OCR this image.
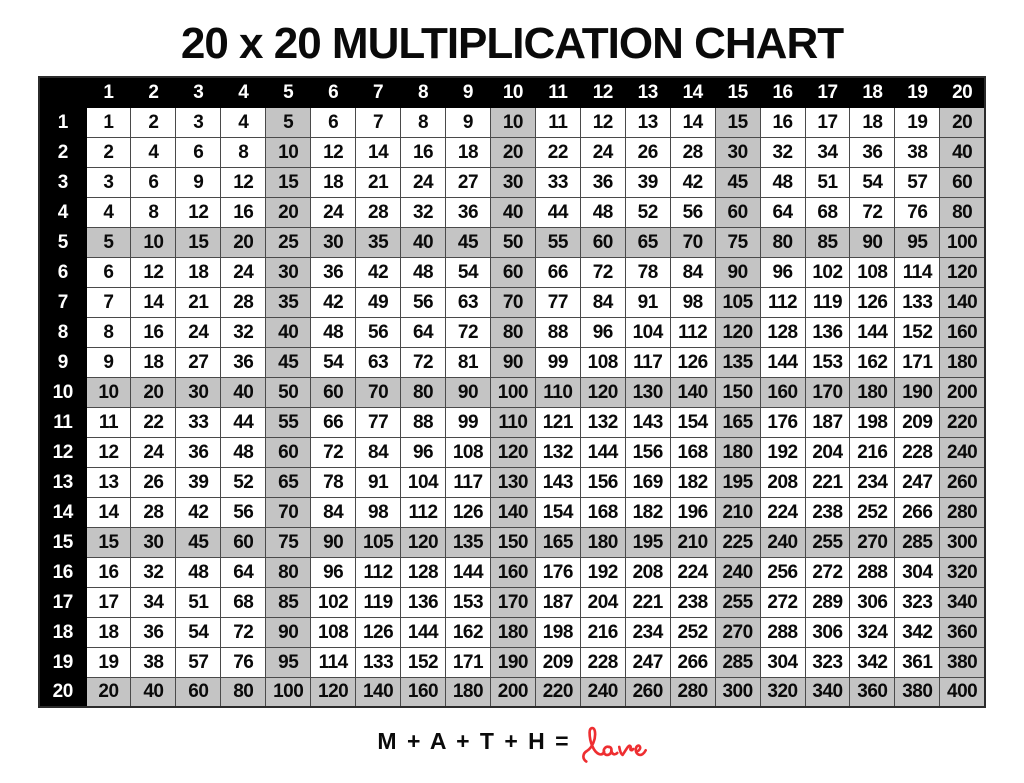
20 x 20 MULTIPLICATION CHART
	1	2	3	4	5	6	7	8	9	10	11	12	13	14	15	16	17	18	19	20
1	1	2	3	4	5	6	7	8	9	10	11	12	13	14	15	16	17	18	19	20
2	2	4	6	8	10	12	14	16	18	20	22	24	26	28	30	32	34	36	38	40
3	3	6	9	12	15	18	21	24	27	30	33	36	39	42	45	48	51	54	57	60
4	4	8	12	16	20	24	28	32	36	40	44	48	52	56	60	64	68	72	76	80
5	5	10	15	20	25	30	35	40	45	50	55	60	65	70	75	80	85	90	95	100
6	6	12	18	24	30	36	42	48	54	60	66	72	78	84	90	96	102	108	114	120
7	7	14	21	28	35	42	49	56	63	70	77	84	91	98	105	112	119	126	133	140
8	8	16	24	32	40	48	56	64	72	80	88	96	104	112	120	128	136	144	152	160
9	9	18	27	36	45	54	63	72	81	90	99	108	117	126	135	144	153	162	171	180
10	10	20	30	40	50	60	70	80	90	100	110	120	130	140	150	160	170	180	190	200
11	11	22	33	44	55	66	77	88	99	110	121	132	143	154	165	176	187	198	209	220
12	12	24	36	48	60	72	84	96	108	120	132	144	156	168	180	192	204	216	228	240
13	13	26	39	52	65	78	91	104	117	130	143	156	169	182	195	208	221	234	247	260
14	14	28	42	56	70	84	98	112	126	140	154	168	182	196	210	224	238	252	266	280
15	15	30	45	60	75	90	105	120	135	150	165	180	195	210	225	240	255	270	285	300
16	16	32	48	64	80	96	112	128	144	160	176	192	208	224	240	256	272	288	304	320
17	17	34	51	68	85	102	119	136	153	170	187	204	221	238	255	272	289	306	323	340
18	18	36	54	72	90	108	126	144	162	180	198	216	234	252	270	288	306	324	342	360
19	19	38	57	76	95	114	133	152	171	190	209	228	247	266	285	304	323	342	361	380
20	20	40	60	80	100	120	140	160	180	200	220	240	260	280	300	320	340	360	380	400
M + A + T + H =
